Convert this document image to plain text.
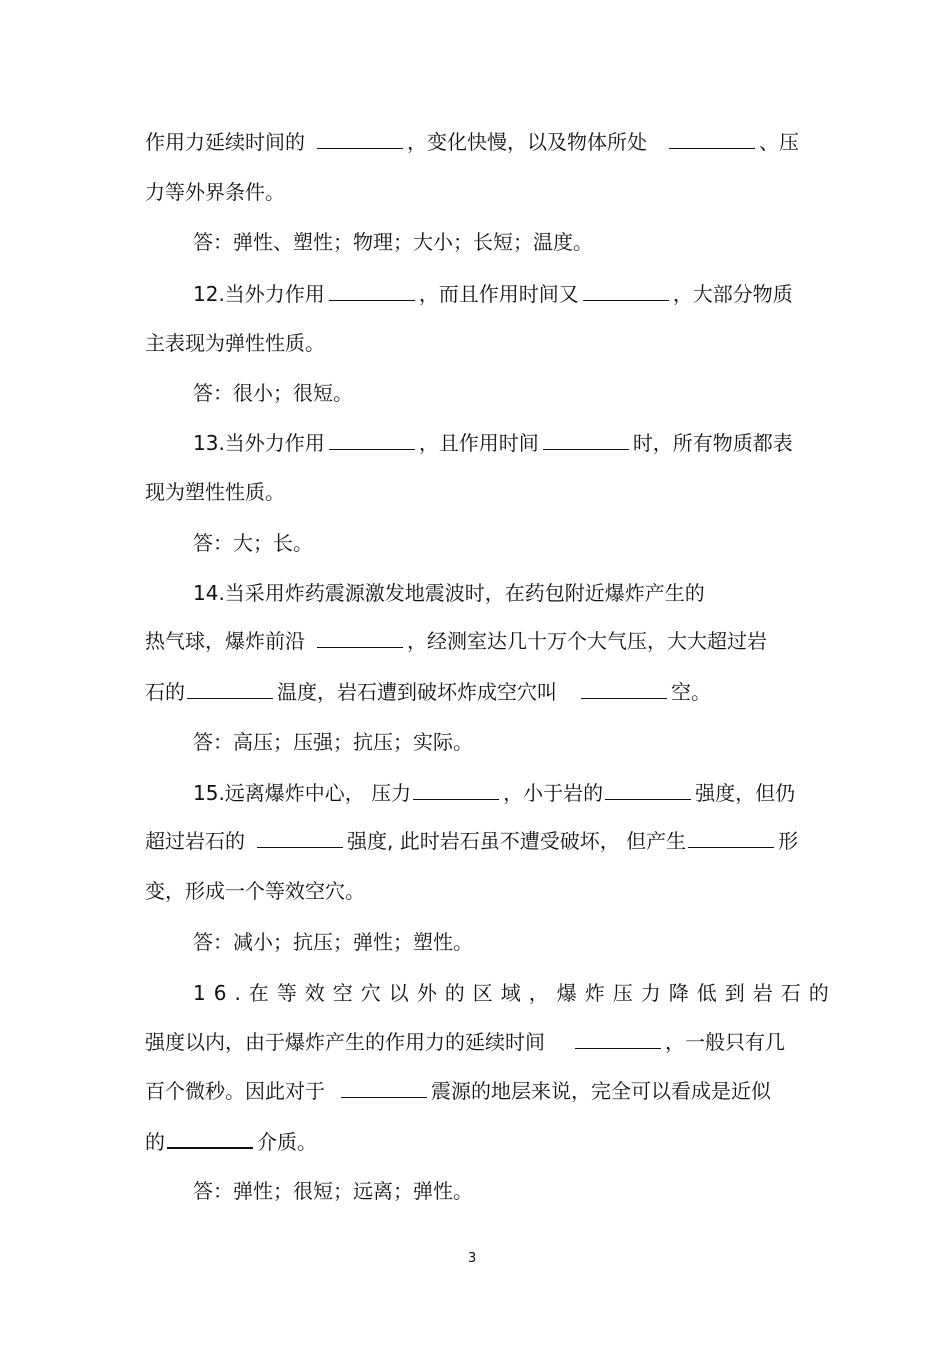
作用力延续时间的	，变化快慢，以及物体所处	、压
力等外界条件。
答：弹性、塑性；物理；大小；长短；温度。
12.当外力作用	，而且作用时间又	，大部分物质
主表现为弹性性质。
答：很小；很短。
13.当外力作用	，且作用时间	时，所有物质都表
现为塑性性质。
答：大；长。
14.当采用炸药震源激发地震波时，在药包附近爆炸产生的
热气球，爆炸前沿	，经测室达几十万个大气压，大大超过岩
石的	温度，岩石遭到破坏炸成空穴叫	空。
答：高压；压强；抗压；实际。
15.远离爆炸中心， 压力	，小于岩的	强度，但仍
超过岩石的	强度, 此时岩石虽不遭受破坏， 但产生	形
变，形成一个等效空穴。
答：减小；抗压；弹性；塑性。
16.在等效空穴以外的区域，爆炸压力降低到岩石的
强度以内，由于爆炸产生的作用力的延续时间	，一般只有几
百个微秒。因此对于	震源的地层来说，完全可以看成是近似
的	介质。
答：弹性；很短；远离；弹性。
3
